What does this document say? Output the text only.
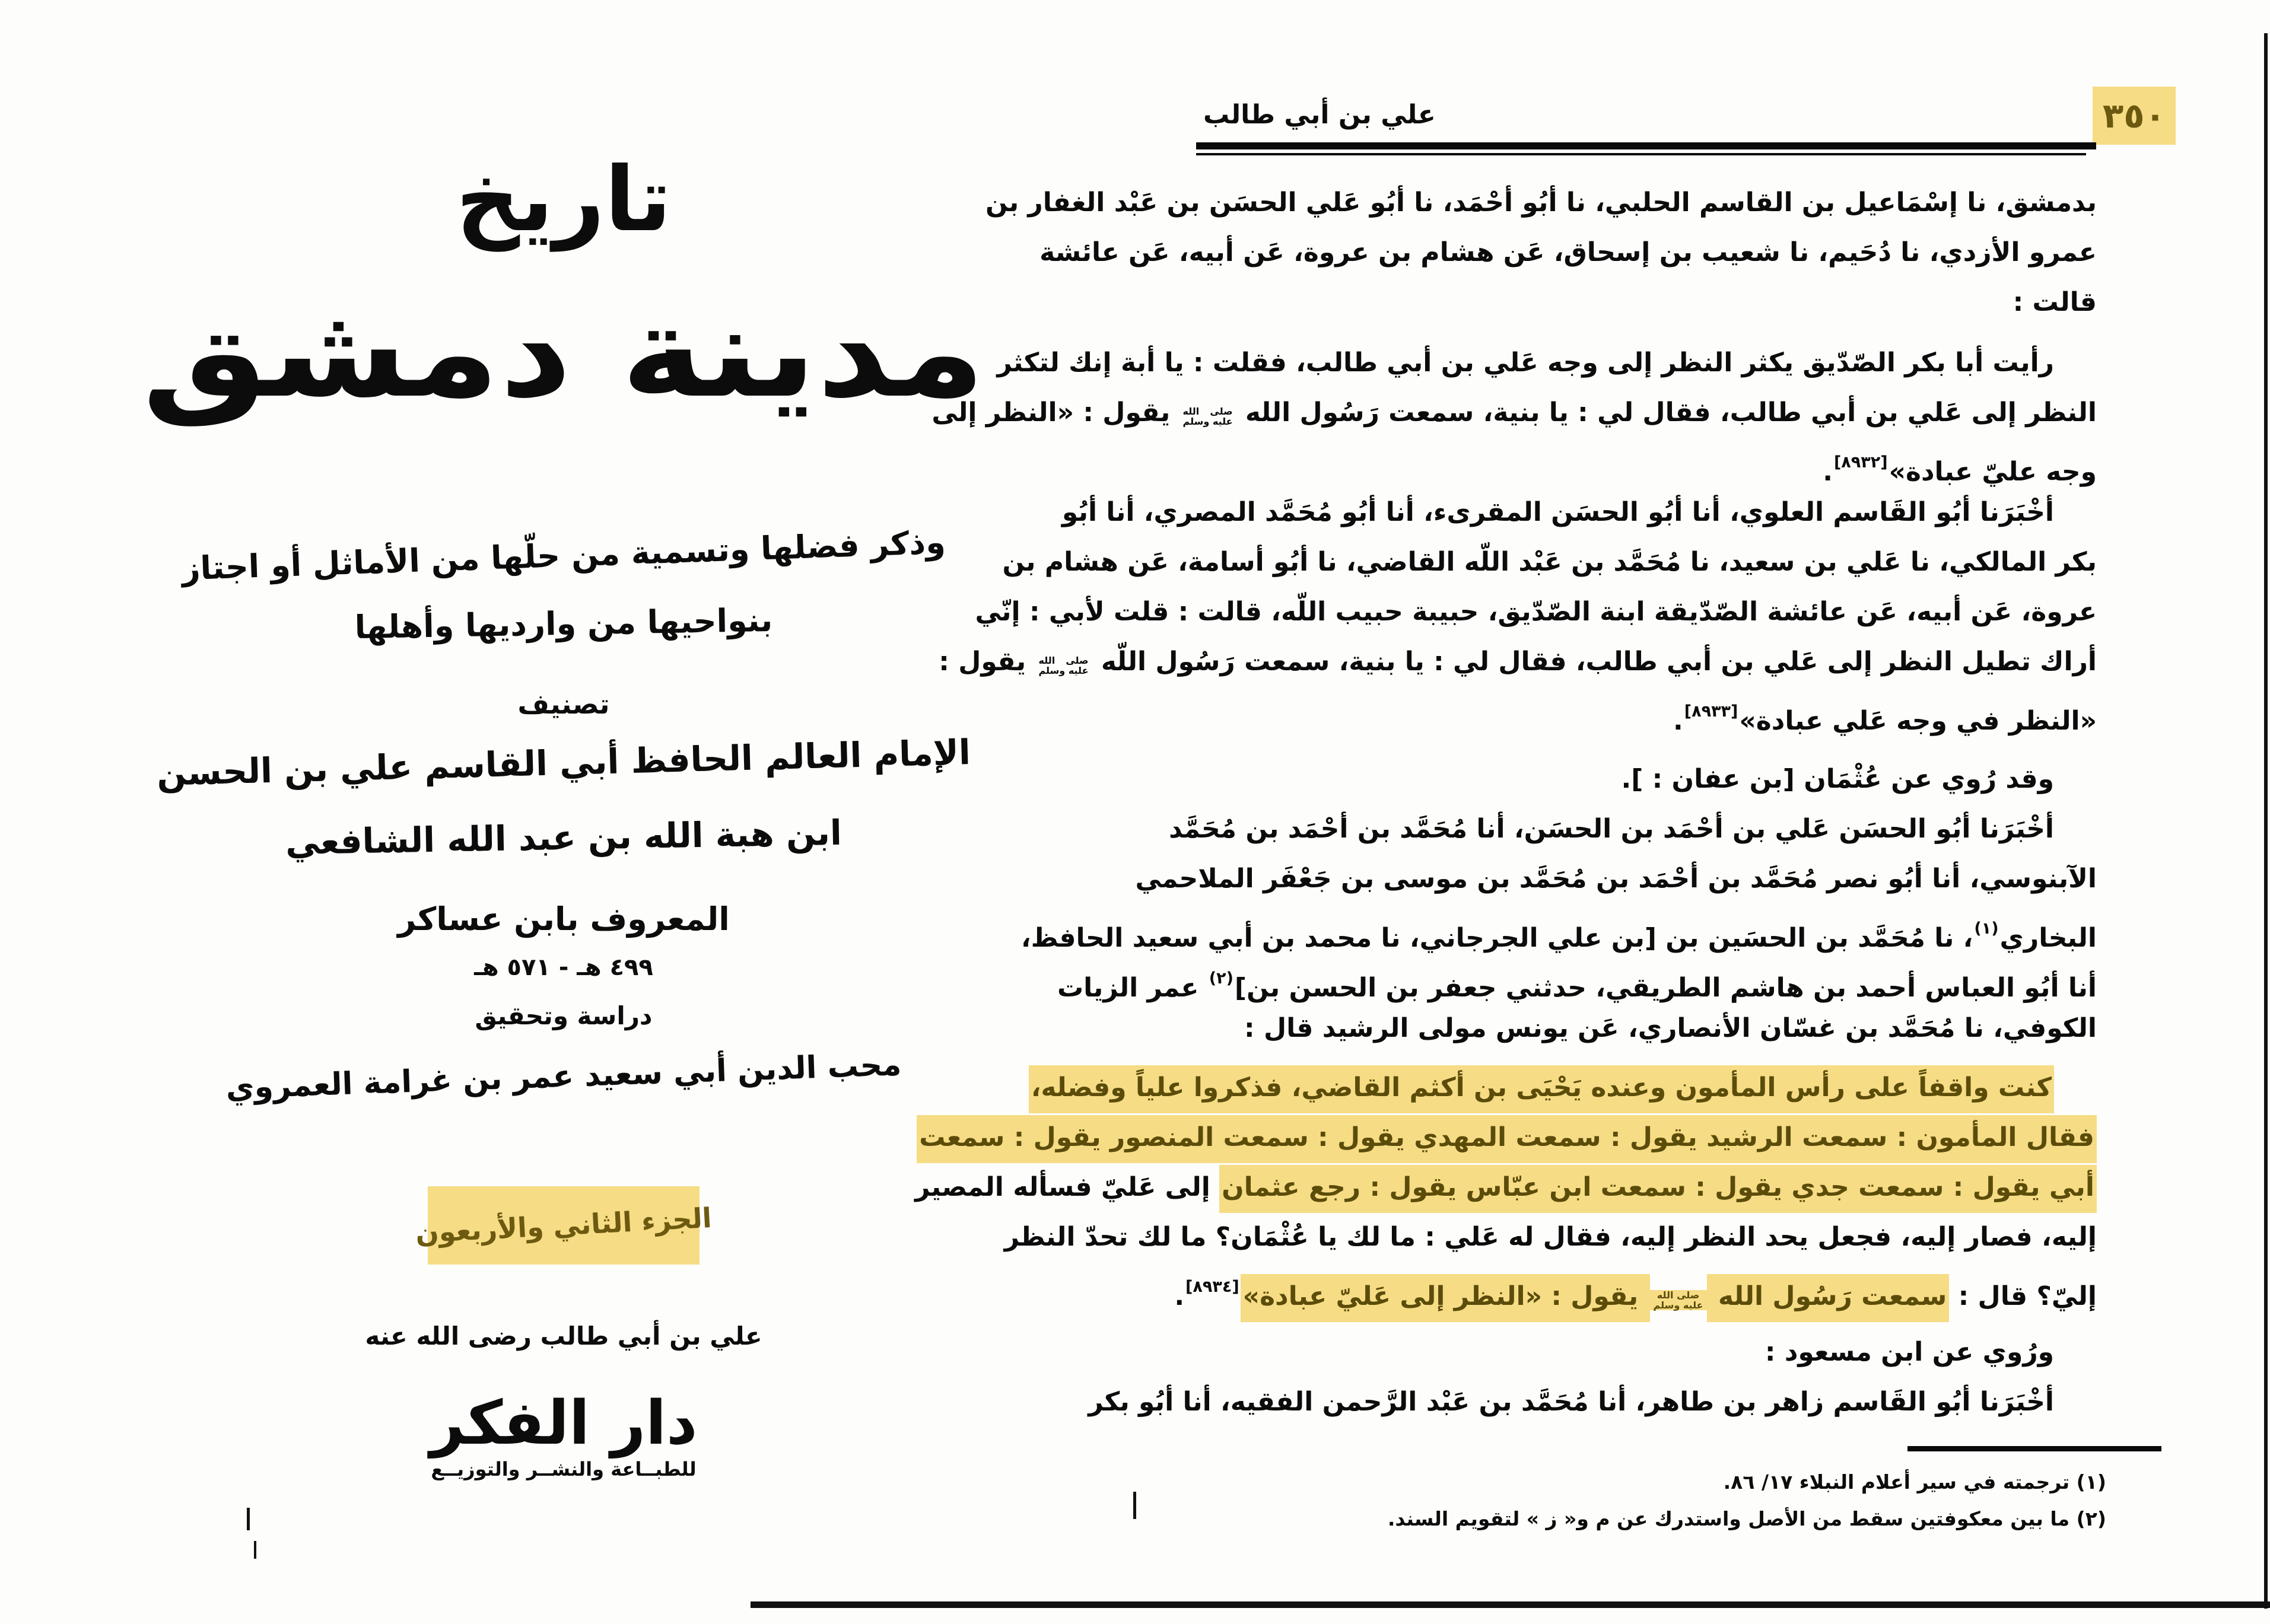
تاريخ
مدينة دمشق
وذكر فضلها وتسمية من حلّها من الأماثل أو اجتاز
بنواحيها من وارديها وأهلها
تصنيف
الإمام العالم الحافظ أبي القاسم علي بن الحسن
ابن هبة الله بن عبد الله الشافعي
المعروف بابن عساكر
٤٩٩ هـ - ٥٧١ هـ
دراسة وتحقيق
محب الدين أبي سعيد عمر بن غرامة العمروي
الجزء الثاني والأربعون
علي بن أبي طالب رضى الله عنه
دار الفكر
للطبــاعة والنشــر والتوزيــع
علي بن أبي طالب	٣٥٠
بدمشق، نا إسْمَاعيل بن القاسم الحلبي، نا أبُو أحْمَد، نا أبُو عَلي الحسَن بن عَبْد الغفار بن
عمرو الأزدي، نا دُحَيم، نا شعيب بن إسحاق، عَن هشام بن عروة، عَن أبيه، عَن عائشة
قالت :
رأيت أبا بكر الصّدّيق يكثر النظر إلى وجه عَلي بن أبي طالب، فقلت : يا أبة إنك لتكثر
النظر إلى عَلي بن أبي طالب، فقال لي : يا بنية، سمعت رَسُول الله
صلى الله
عليه وسلم
يقول : «النظر إلى
وجه عليّ عبادة»[٨٩٣٢].
أخْبَرَنا أبُو القَاسم العلوي، أنا أبُو الحسَن المقرىء، أنا أبُو مُحَمَّد المصري، أنا أبُو
بكر المالكي، نا عَلي بن سعيد، نا مُحَمَّد بن عَبْد اللّه القاضي، نا أبُو أسامة، عَن هشام بن
عروة، عَن أبيه، عَن عائشة الصّدّيقة ابنة الصّدّيق، حبيبة حبيب اللّه، قالت : قلت لأبي : إنّي
أراك تطيل النظر إلى عَلي بن أبي طالب، فقال لي : يا بنية، سمعت رَسُول اللّه
صلى الله
عليه وسلم
يقول :
«النظر في وجه عَلي عبادة»[٨٩٣٣].
وقد رُوي عن عُثْمَان [بن عفان : ].
أخْبَرَنا أبُو الحسَن عَلي بن أحْمَد بن الحسَن، أنا مُحَمَّد بن أحْمَد بن مُحَمَّد
الآبنوسي، أنا أبُو نصر مُحَمَّد بن أحْمَد بن مُحَمَّد بن موسى بن جَعْفَر الملاحمي
البخاري$^{(١)}$، نا مُحَمَّد بن الحسَين بن [بن علي الجرجاني، نا محمد بن أبي سعيد الحافظ،
أنا أبُو العباس أحمد بن هاشم الطريقي، حدثني جعفر بن الحسن بن]$^{(٢)}$ عمر الزيات
الكوفي، نا مُحَمَّد بن غسّان الأنصاري، عَن يونس مولى الرشيد قال :
كنت واقفاً على رأس المأمون وعنده يَحْيَى بن أكثم القاضي، فذكروا علياً وفضله،
فقال المأمون : سمعت الرشيد يقول : سمعت المهدي يقول : سمعت المنصور يقول : سمعت
أبي يقول : سمعت جدي يقول : سمعت ابن عبّاس يقول : رجع عثمان إلى عَليّ فسأله المصير
إليه، فصار إليه، فجعل يحد النظر إليه، فقال له عَلي : ما لك يا عُثْمَان؟ ما لك تحدّ النظر
إليّ؟ قال : سمعت رَسُول الله
صلى الله
عليه وسلم
يقول : «النظر إلى عَليّ عبادة»[٨٩٣٤].
ورُوي عن ابن مسعود :
أخْبَرَنا أبُو القَاسم زاهر بن طاهر، أنا مُحَمَّد بن عَبْد الرَّحمن الفقيه، أنا أبُو بكر
(١) ترجمته في سير أعلام النبلاء ١٧/ ٨٦.
(٢) ما بين معكوفتين سقط من الأصل واستدرك عن م و« ز » لتقويم السند.
